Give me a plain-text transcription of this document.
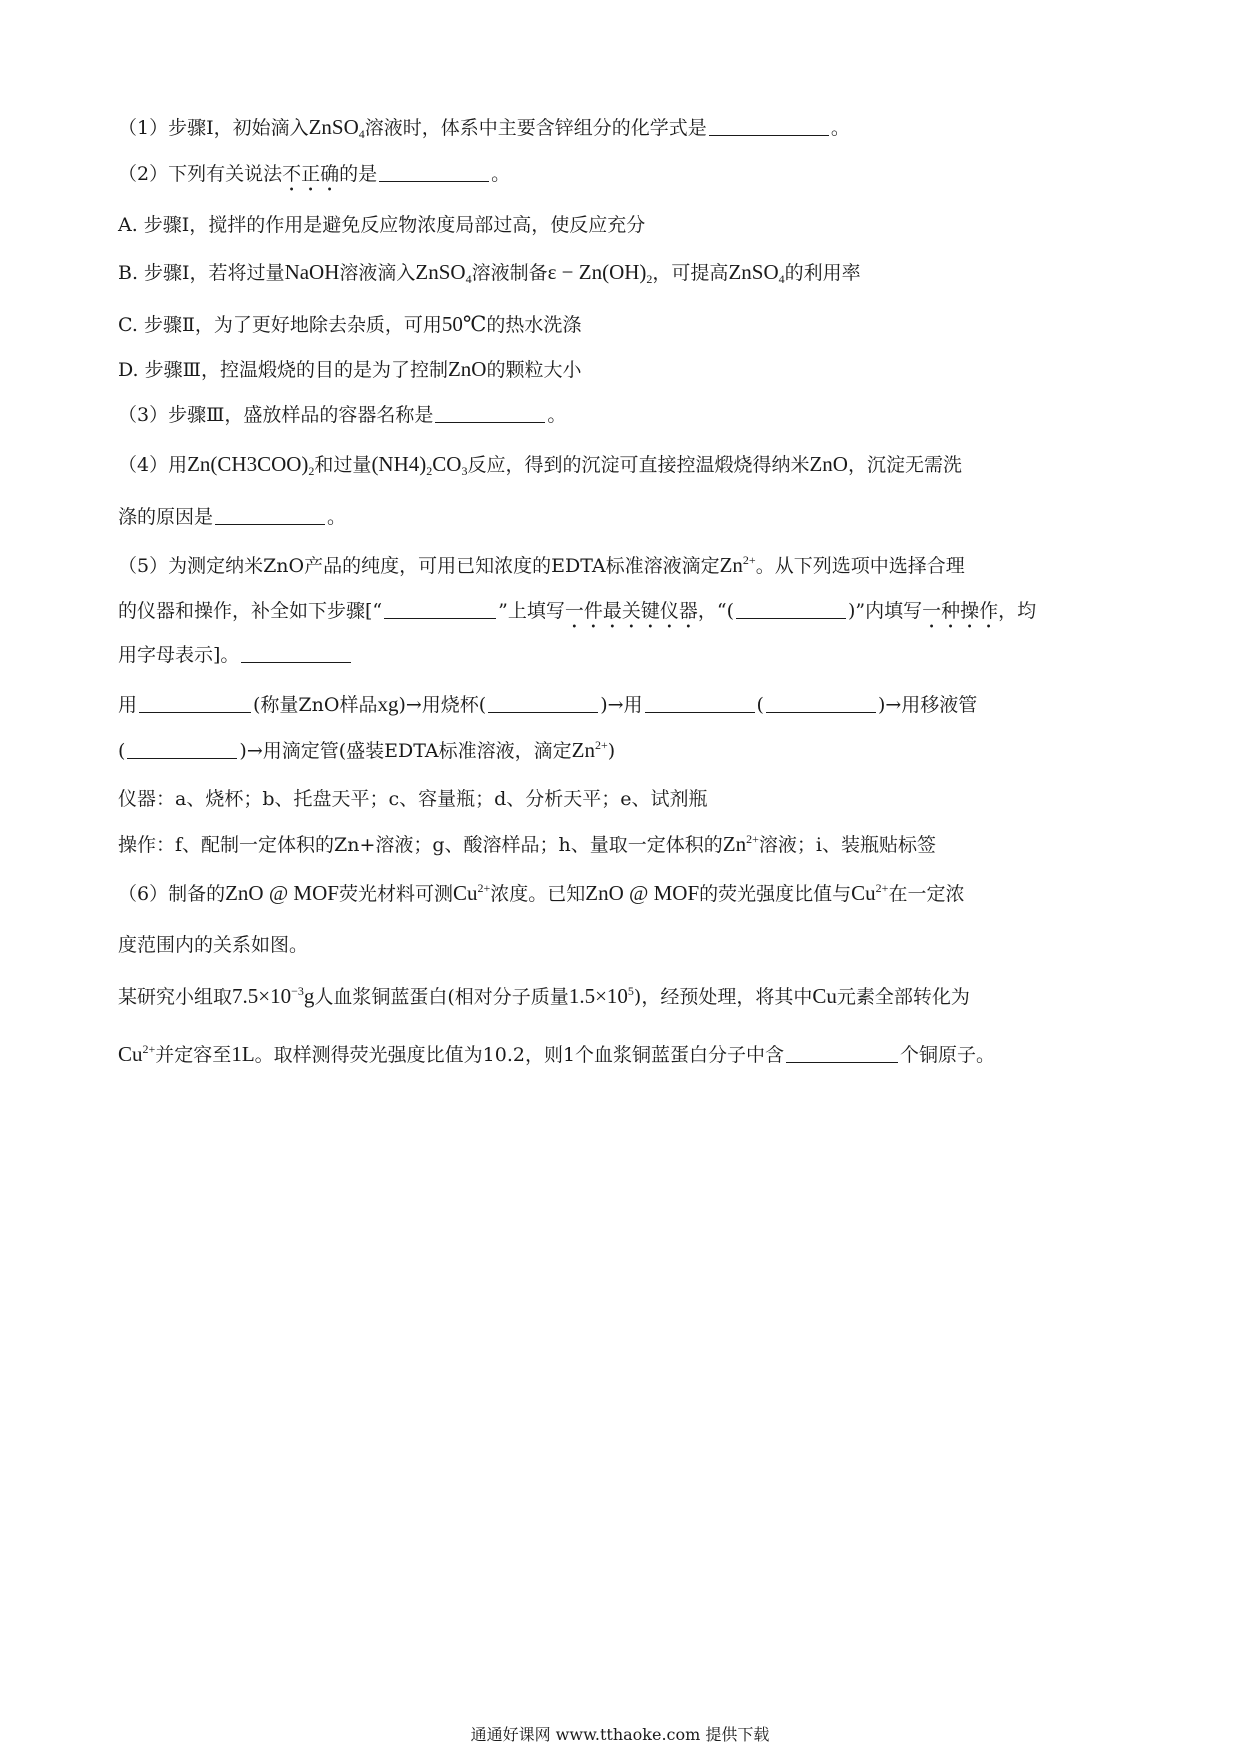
（1）步骤Ⅰ，初始滴入ZnSO$_4$溶液时，体系中主要含锌组分的化学式是	。
（2）下列有关说法不正确的是	。
A. 步骤Ⅰ，搅拌的作用是避免反应物浓度局部过高，使反应充分
B. 步骤Ⅰ，若将过量NaOH溶液滴入ZnSO$_4$溶液制备$\varepsilon - Zn(OH)_2$，可提高ZnSO$_4$的利用率
C. 步骤Ⅱ，为了更好地除去杂质，可用50℃的热水洗涤
D. 步骤Ⅲ，控温煅烧的目的是为了控制ZnO的颗粒大小
（3）步骤Ⅲ，盛放样品的容器名称是	。
（4）用$Zn(CH3COO)_2$和过量$(NH4)_2CO_3$反应，得到的沉淀可直接控温煅烧得纳米ZnO，沉淀无需洗
涤的原因是	。
（5）为测定纳米ZnO产品的纯度，可用已知浓度的EDTA标准溶液滴定$Zn^{2+}$。从下列选项中选择合理
的仪器和操作，补全如下步骤[“	”上填写一件最关键仪器，“(	)”内填写一种操作，均
用字母表示]。
用	(称量ZnO样品xg)→用烧杯(	)→用	(	)→用移液管
(	)→用滴定管(盛装EDTA标准溶液，滴定$Zn^{2+}$)
仪器：a、烧杯；b、托盘天平；c、容量瓶；d、分析天平；e、试剂瓶
操作：f、配制一定体积的Zn+溶液；g、酸溶样品；h、量取一定体积的$Zn^{2+}$溶液；i、装瓶贴标签
（6）制备的ZnO @ MOF荧光材料可测$Cu^{2+}$浓度。已知ZnO @ MOF的荧光强度比值与$Cu^{2+}$在一定浓
度范围内的关系如图。
某研究小组取$7.5\times 10^{-3}g$人血浆铜蓝蛋白(相对分子质量$1.5\times 10^5$)，经预处理，将其中Cu元素全部转化为
$Cu^{2+}$并定容至1L。取样测得荧光强度比值为10.2，则1个血浆铜蓝蛋白分子中含	个铜原子。
通通好课网 www.tthaoke.com 提供下载
